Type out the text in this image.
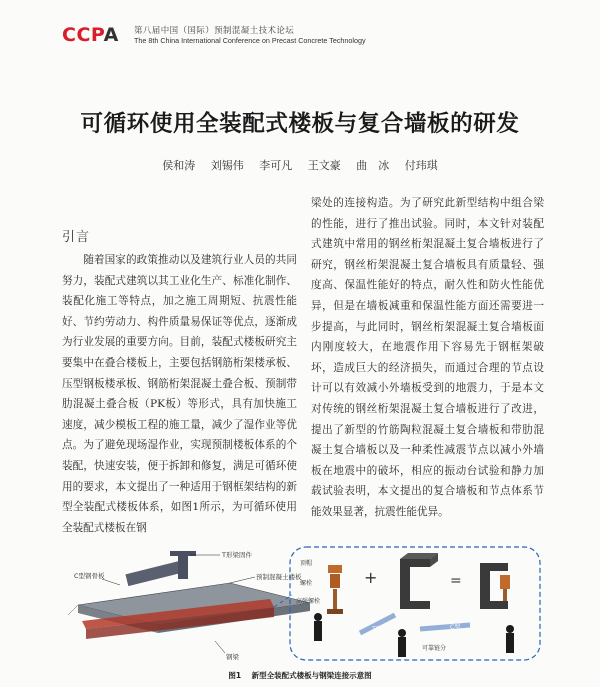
CCPA 第八届中国（国际）预制混凝土技术论坛
The 8th China International Conference on Precast Concrete Technology
可循环使用全装配式楼板与复合墙板的研发
侯和涛 刘锡伟 李可凡 王文豪 曲　冰 付玮琪
引言

随着国家的政策推动以及建筑行业人员的共同努力，装配式建筑以其工业化生产、标准化制作、装配化施工等特点，加之施工周期短、抗震性能好、节约劳动力、构件质量易保证等优点，逐渐成为行业发展的重要方向。目前，装配式楼板研究主要集中在叠合楼板上，主要包括钢筋桁架楼承板、压型钢板楼承板、钢筋桁架混凝土叠合板、预制带肋混凝土叠合板（PK板）等形式，具有加快施工速度，减少模板工程的施工量，减少了湿作业等优点。为了避免现场湿作业，实现预制楼板体系的个装配，快速安装，便于拆卸和修复，满足可循环使用的要求，本文提出了一种适用于钢框架结构的新型全装配式楼板体系，如图1所示，为可循环使用全装配式楼板在钢

梁处的连接构造。为了研究此新型结构中组合梁的性能，进行了推出试验。同时，本文针对装配式建筑中常用的钢丝桁架混凝土复合墙板进行了研究，钢丝桁架混凝土复合墙板具有质量轻、强度高、保温性能好的特点，耐久性和防火性能优异，但是在墙板减重和保温性能方面还需要进一步提高，与此同时，钢丝桁架混凝土复合墙板面内刚度较大，在地震作用下容易先于钢框架破坏，造成巨大的经济损失，而通过合理的节点设计可以有效减小外墙板受到的地震力，于是本文对传统的钢丝桁架混凝土复合墙板进行了改进，提出了新型的竹筋陶粒混凝土复合墙板和带肋混凝土复合墙板以及一种柔性减震节点以减小外墙板在地震中的破坏，相应的振动台试验和静力加载试验表明，本文提出的复合墙板和节点体系节能效果显著，抗震性能优异。

+	=
T形梁固件
预制混凝土楼板
C型钢骨板
钢梁
顶帽
螺栓
高强螺栓
T型	C型
可靠链分
图1 新型全装配式楼板与钢梁连接示意图
